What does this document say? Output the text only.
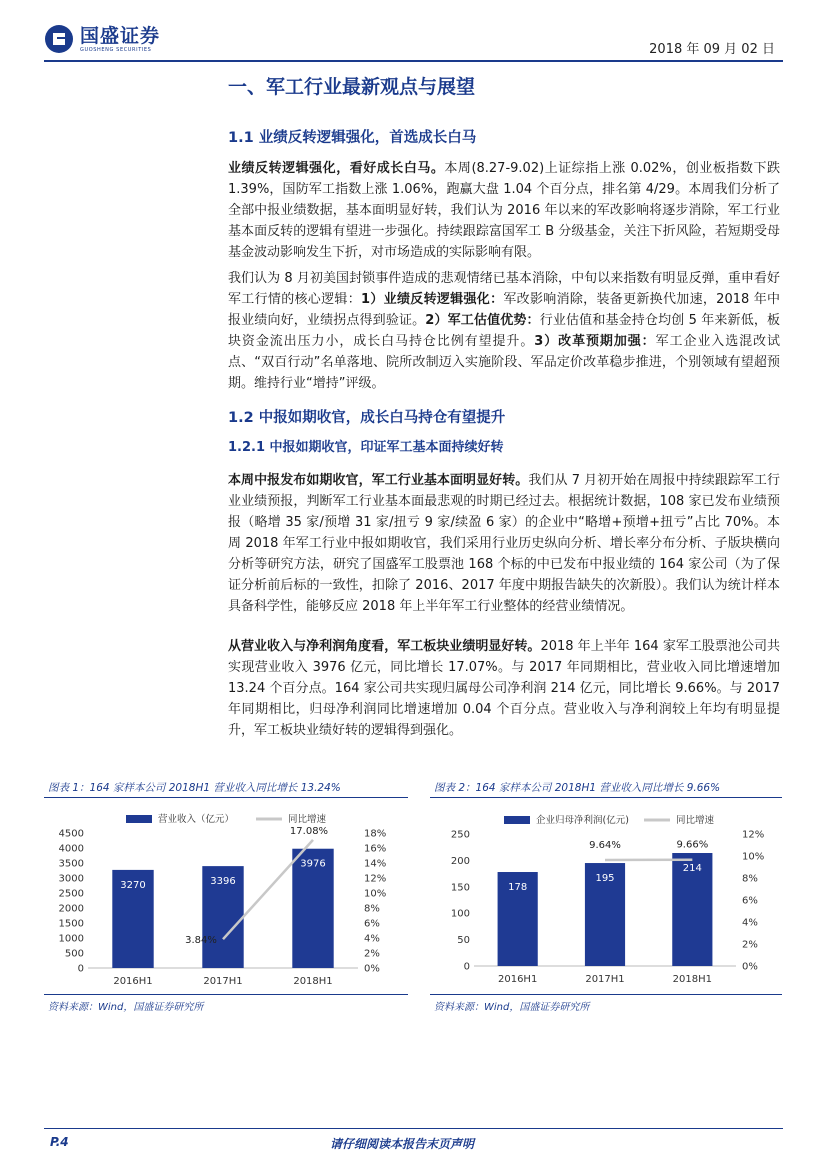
国盛证券
GUOSHENG SECURITIES	2018 年 09 月 02 日
一、军工行业最新观点与展望
1.1 业绩反转逻辑强化，首选成长白马

业绩反转逻辑强化，看好成长白马。本周(8.27-9.02)上证综指上涨 0.02%，创业板指数下跌 1.39%，国防军工指数上涨 1.06%，跑赢大盘 1.04 个百分点，排名第 4/29。本周我们分析了全部中报业绩数据，基本面明显好转，我们认为 2016 年以来的军改影响将逐步消除，军工行业基本面反转的逻辑有望进一步强化。持续跟踪富国军工 B 分级基金，关注下折风险，若短期受母基金波动影响发生下折，对市场造成的实际影响有限。

我们认为 8 月初美国封锁事件造成的悲观情绪已基本消除，中旬以来指数有明显反弹，重申看好军工行情的核心逻辑：1）业绩反转逻辑强化：军改影响消除，装备更新换代加速，2018 年中报业绩向好，业绩拐点得到验证。2）军工估值优势：行业估值和基金持仓均创 5 年来新低，板块资金流出压力小，成长白马持仓比例有望提升。3）改革预期加强：军工企业入选混改试点、“双百行动”名单落地、院所改制迈入实施阶段、军品定价改革稳步推进，个别领域有望超预期。维持行业“增持”评级。

1.2 中报如期收官，成长白马持仓有望提升
1.2.1 中报如期收官，印证军工基本面持续好转

本周中报发布如期收官，军工行业基本面明显好转。我们从 7 月初开始在周报中持续跟踪军工行业业绩预报，判断军工行业基本面最悲观的时期已经过去。根据统计数据，108 家已发布业绩预报（略增 35 家/预增 31 家/扭亏 9 家/续盈 6 家）的企业中“略增+预增+扭亏”占比 70%。本周 2018 年军工行业中报如期收官，我们采用行业历史纵向分析、增长率分布分析、子版块横向分析等研究方法，研究了国盛军工股票池 168 个标的中已发布中报业绩的 164 家公司（为了保证分析前后标的一致性，扣除了 2016、2017 年度中期报告缺失的次新股）。我们认为统计样本具备科学性，能够反应 2018 年上半年军工行业整体的经营业绩情况。

从营业收入与净利润角度看，军工板块业绩明显好转。2018 年上半年 164 家军工股票池公司共实现营业收入 3976 亿元，同比增长 17.07%。与 2017 年同期相比，营业收入同比增速增加 13.24 个百分点。164 家公司共实现归属母公司净利润 214 亿元，同比增长 9.66%。与 2017 年同期相比，归母净利润同比增速增加 0.04 个百分点。营业收入与净利润较上年均有明显提升，军工板块业绩好转的逻辑得到强化。

图表 1：164 家样本公司 2018H1 营业收入同比增长 13.24%	图表 2：164 家样本公司 2018H1 营业收入同比增长 9.66%
0
500
1000
1500
2000
2500
3000
3500
4000
4500
0%
2%
4%
6%
8%
10%
12%
14%
16%
18%
3270
2016H1
3396
2017H1
3976
2018H1
3.84%
17.08%
营业收入（亿元）	同比增速
0
50
100
150
200
250
0%
2%
4%
6%
8%
10%
12%
178
2016H1
195
2017H1
214
2018H1
9.64%	9.66%
企业归母净利润(亿元)	同比增速
资料来源：Wind，国盛证券研究所	资料来源：Wind，国盛证券研究所
P.4	请仔细阅读本报告末页声明
